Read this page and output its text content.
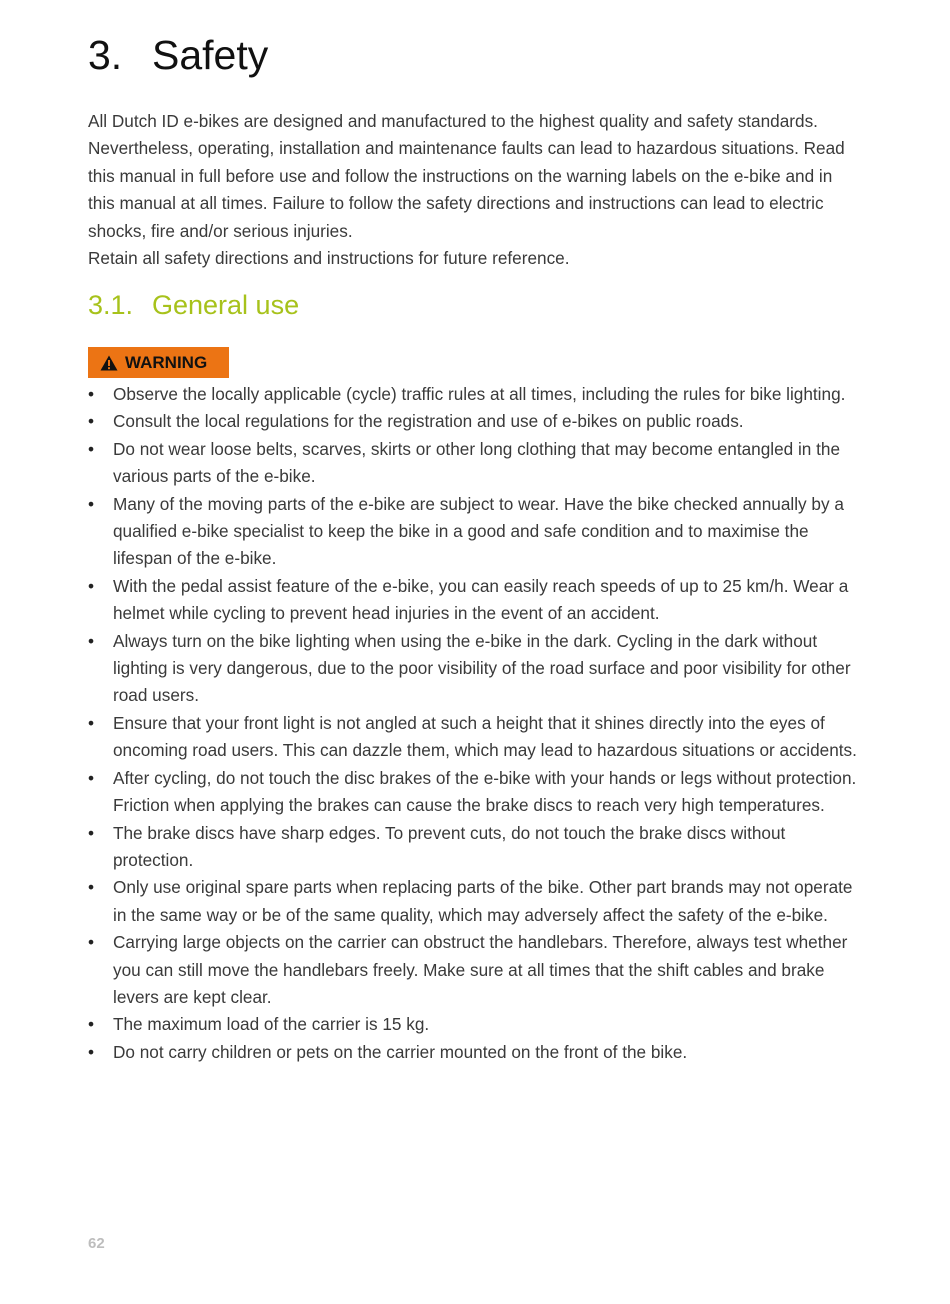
3. Safety

All Dutch ID e-bikes are designed and manufactured to the highest quality and safety standards. Nevertheless, operating, installation and maintenance faults can lead to hazardous situations. Read this manual in full before use and follow the instructions on the warning labels on the e-bike and in this manual at all times. Failure to follow the safety directions and instructions can lead to electric shocks, fire and/or serious injuries.

Retain all safety directions and instructions for future reference.

3.1. General use
WARNING
• Observe the locally applicable (cycle) traffic rules at all times, including the rules for bike lighting.
• Consult the local regulations for the registration and use of e-bikes on public roads.
• Do not wear loose belts, scarves, skirts or other long clothing that may become entangled in the various parts of the e-bike.
• Many of the moving parts of the e-bike are subject to wear. Have the bike checked annually by a qualified e-bike specialist to keep the bike in a good and safe condition and to maximise the lifespan of the e-bike.
• With the pedal assist feature of the e-bike, you can easily reach speeds of up to 25 km/h. Wear a helmet while cycling to prevent head injuries in the event of an accident.
• Always turn on the bike lighting when using the e-bike in the dark. Cycling in the dark without lighting is very dangerous, due to the poor visibility of the road surface and poor visibility for other road users.
• Ensure that your front light is not angled at such a height that it shines directly into the eyes of oncoming road users. This can dazzle them, which may lead to hazardous situations or accidents.
• After cycling, do not touch the disc brakes of the e-bike with your hands or legs without protection. Friction when applying the brakes can cause the brake discs to reach very high temperatures.
• The brake discs have sharp edges. To prevent cuts, do not touch the brake discs without protection.
• Only use original spare parts when replacing parts of the bike. Other part brands may not operate in the same way or be of the same quality, which may adversely affect the safety of the e-bike.
• Carrying large objects on the carrier can obstruct the handlebars. Therefore, always test whether you can still move the handlebars freely. Make sure at all times that the shift cables and brake levers are kept clear.
• The maximum load of the carrier is 15 kg.
• Do not carry children or pets on the carrier mounted on the front of the bike.
62
